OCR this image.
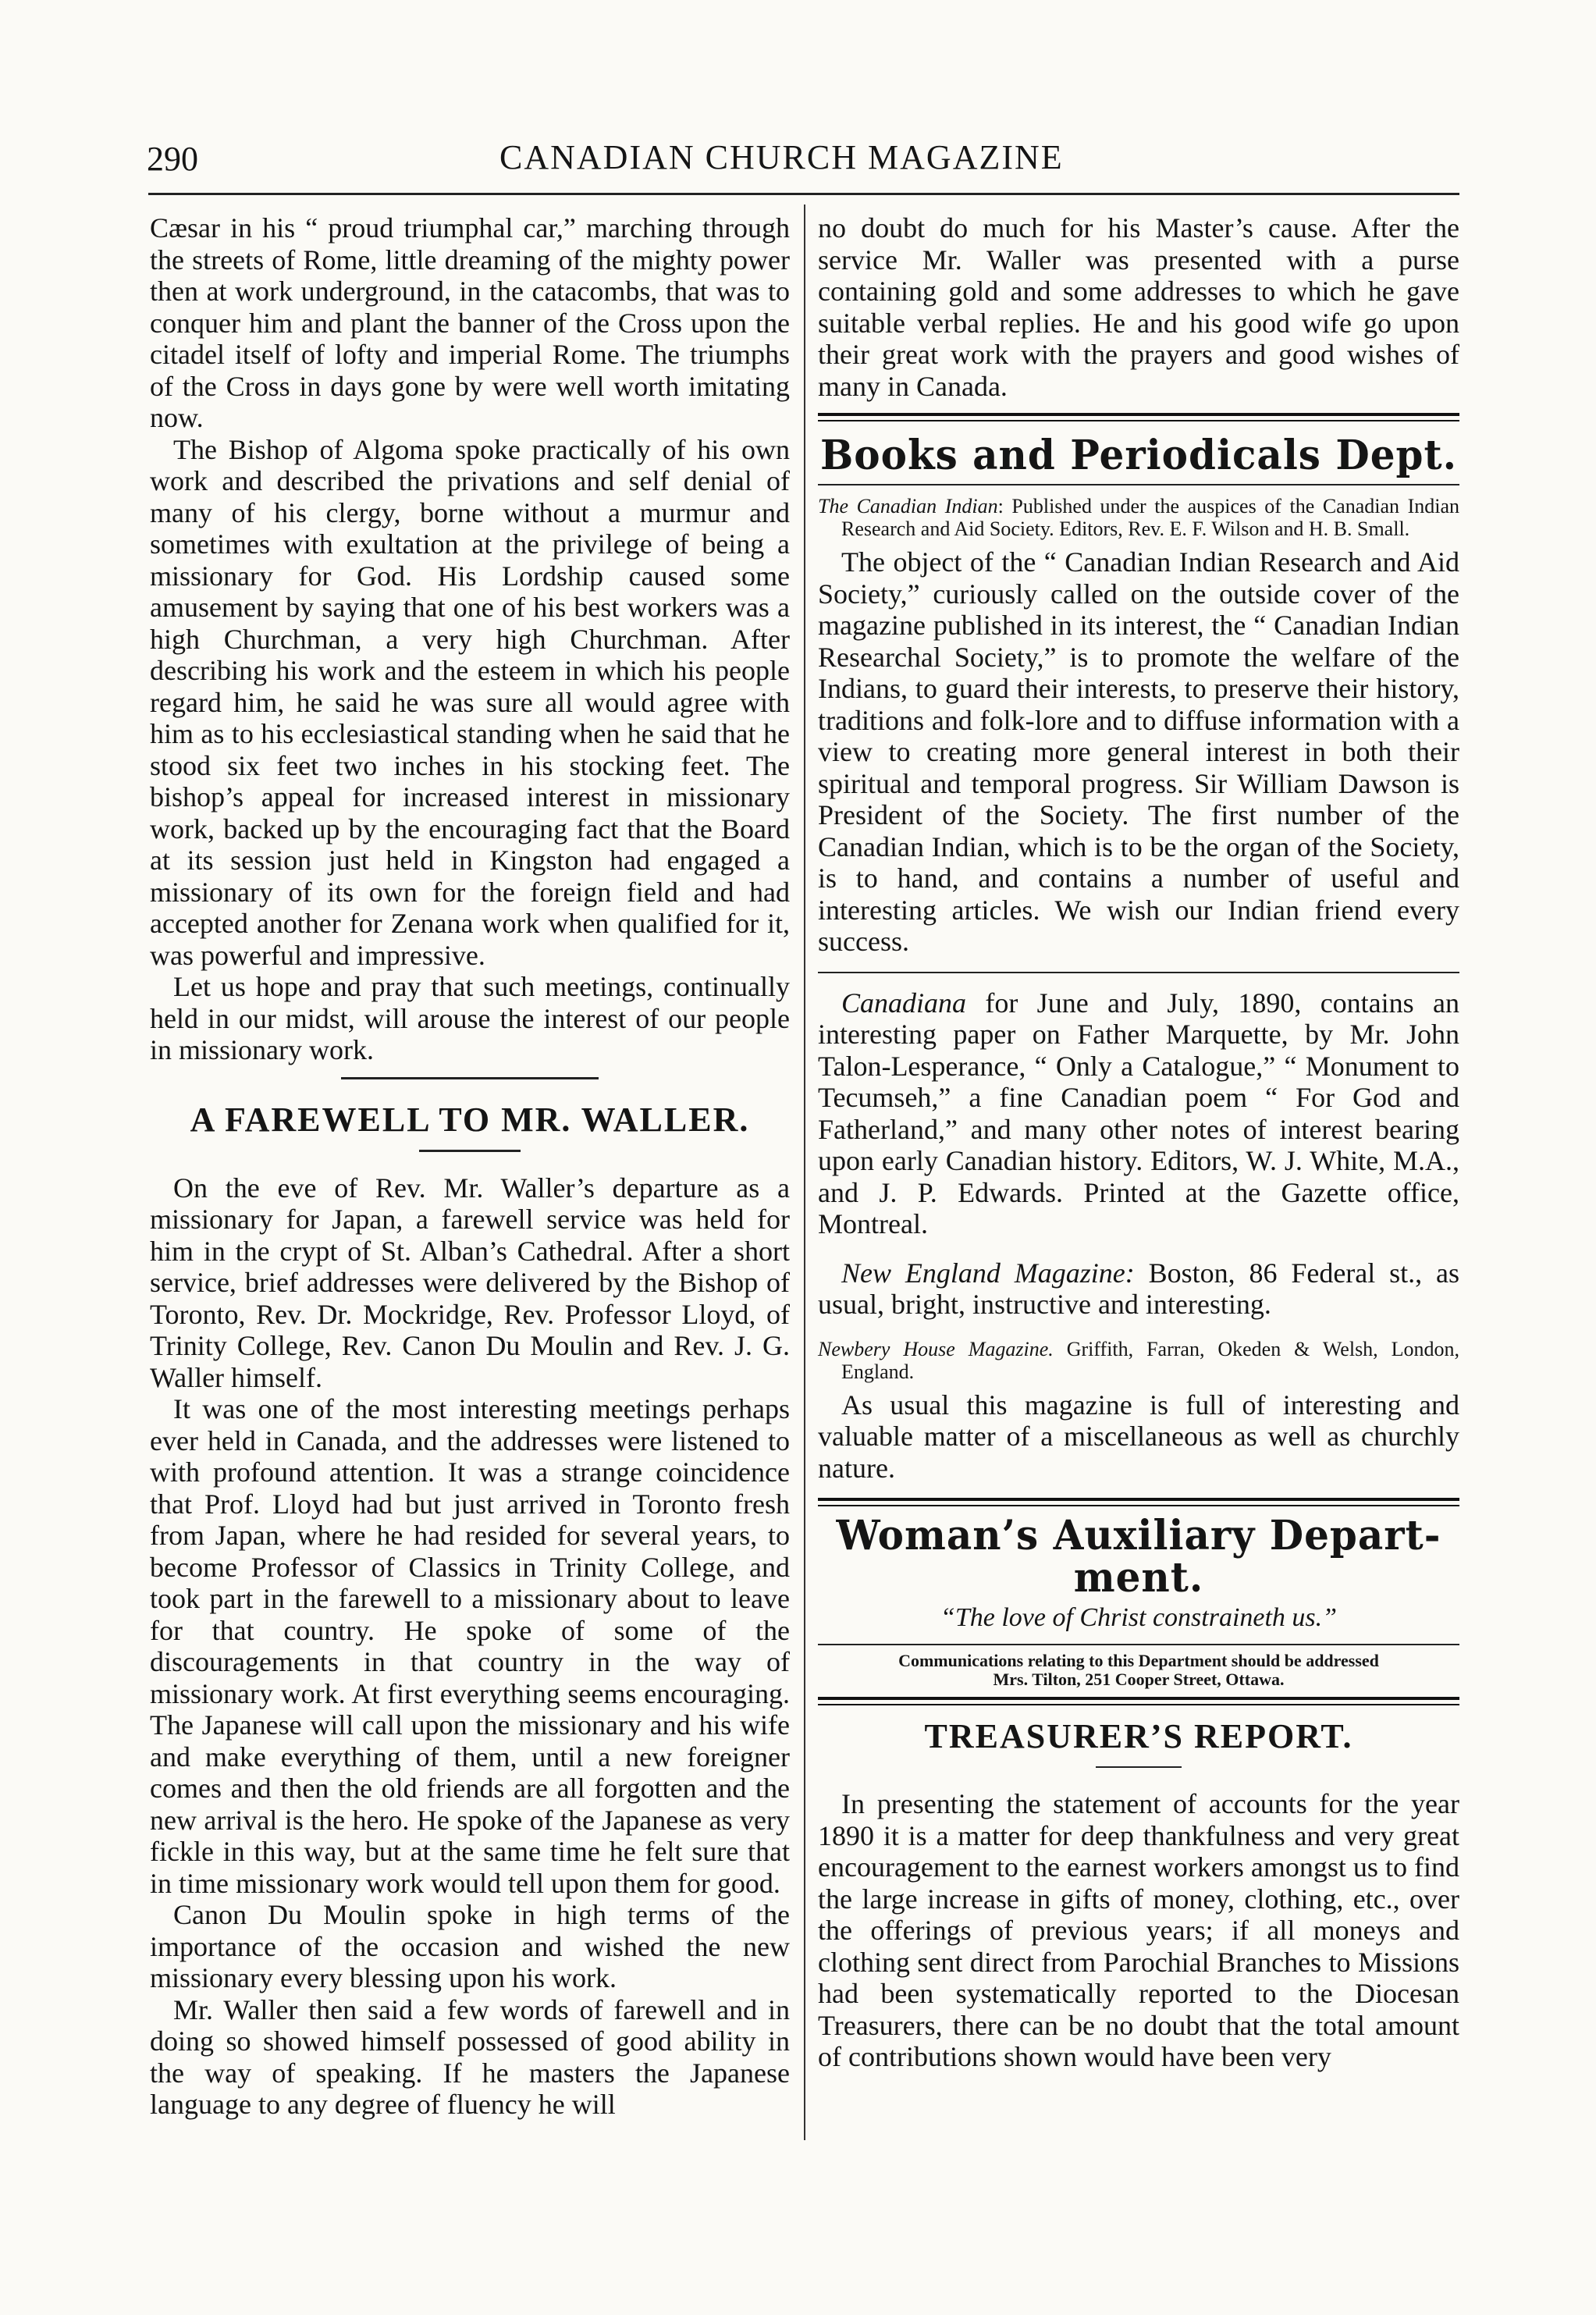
290	CANADIAN CHURCH MAGAZINE

Cæsar in his “ proud triumphal car,” marching through the streets of Rome, little dreaming of the mighty power then at work underground, in the catacombs, that was to conquer him and plant the banner of the Cross upon the citadel itself of lofty and imperial Rome. The triumphs of the Cross in days gone by were well worth imitating now.

The Bishop of Algoma spoke practically of his own work and described the privations and self denial of many of his clergy, borne without a murmur and sometimes with exultation at the privilege of being a missionary for God. His Lordship caused some amusement by saying that one of his best workers was a high Churchman, a very high Churchman. After describing his work and the esteem in which his people regard him, he said he was sure all would agree with him as to his ecclesiastical standing when he said that he stood six feet two inches in his stocking feet. The bishop’s appeal for increased interest in missionary work, backed up by the encouraging fact that the Board at its session just held in Kingston had engaged a missionary of its own for the foreign field and had accepted another for Zenana work when qualified for it, was powerful and impressive.

Let us hope and pray that such meetings, continually held in our midst, will arouse the interest of our people in missionary work.

A FAREWELL TO MR. WALLER.

On the eve of Rev. Mr. Waller’s departure as a missionary for Japan, a farewell service was held for him in the crypt of St. Alban’s Cathedral. After a short service, brief addresses were delivered by the Bishop of Toronto, Rev. Dr. Mockridge, Rev. Professor Lloyd, of Trinity College, Rev. Canon Du Moulin and Rev. J. G. Waller himself.

It was one of the most interesting meetings perhaps ever held in Canada, and the addresses were listened to with profound attention. It was a strange coincidence that Prof. Lloyd had but just arrived in Toronto fresh from Japan, where he had resided for several years, to become Professor of Classics in Trinity College, and took part in the farewell to a missionary about to leave for that country. He spoke of some of the discouragements in that country in the way of missionary work. At first everything seems encouraging. The Japanese will call upon the missionary and his wife and make everything of them, until a new foreigner comes and then the old friends are all forgotten and the new arrival is the hero. He spoke of the Japanese as very fickle in this way, but at the same time he felt sure that in time missionary work would tell upon them for good.

Canon Du Moulin spoke in high terms of the importance of the occasion and wished the new missionary every blessing upon his work.

Mr. Waller then said a few words of farewell and in doing so showed himself possessed of good ability in the way of speaking. If he masters the Japanese language to any degree of fluency he will

no doubt do much for his Master’s cause. After the service Mr. Waller was presented with a purse containing gold and some addresses to which he gave suitable verbal replies. He and his good wife go upon their great work with the prayers and good wishes of many in Canada.

Books and Periodicals Dept.

The Canadian Indian: Published under the auspices of the Canadian Indian Research and Aid Society. Editors, Rev. E. F. Wilson and H. B. Small.

The object of the “ Canadian Indian Research and Aid Society,” curiously called on the outside cover of the magazine published in its interest, the “ Canadian Indian Researchal Society,” is to promote the welfare of the Indians, to guard their interests, to preserve their history, traditions and folk-lore and to diffuse information with a view to creating more general interest in both their spiritual and temporal progress. Sir William Dawson is President of the Society. The first number of the Canadian Indian, which is to be the organ of the Society, is to hand, and contains a number of useful and interesting articles. We wish our Indian friend every success.

Canadiana for June and July, 1890, contains an interesting paper on Father Marquette, by Mr. John Talon-Lesperance, “ Only a Catalogue,” “ Monument to Tecumseh,” a fine Canadian poem “ For God and Fatherland,” and many other notes of interest bearing upon early Canadian history. Editors, W. J. White, M.A., and J. P. Edwards. Printed at the Gazette office, Montreal.

New England Magazine: Boston, 86 Federal st., as usual, bright, instructive and interesting.

Newbery House Magazine. Griffith, Farran, Okeden & Welsh, London, England.

As usual this magazine is full of interesting and valuable matter of a miscellaneous as well as churchly nature.

Woman’s Auxiliary Depart-
ment.

“The love of Christ constraineth us.”

Communications relating to this Department should be addressed

Mrs. Tilton, 251 Cooper Street, Ottawa.

TREASURER’S REPORT.

In presenting the statement of accounts for the year 1890 it is a matter for deep thankfulness and very great encouragement to the earnest workers amongst us to find the large increase in gifts of money, clothing, etc., over the offerings of previous years; if all moneys and clothing sent direct from Parochial Branches to Missions had been systematically reported to the Diocesan Treasurers, there can be no doubt that the total amount of contributions shown would have been very
